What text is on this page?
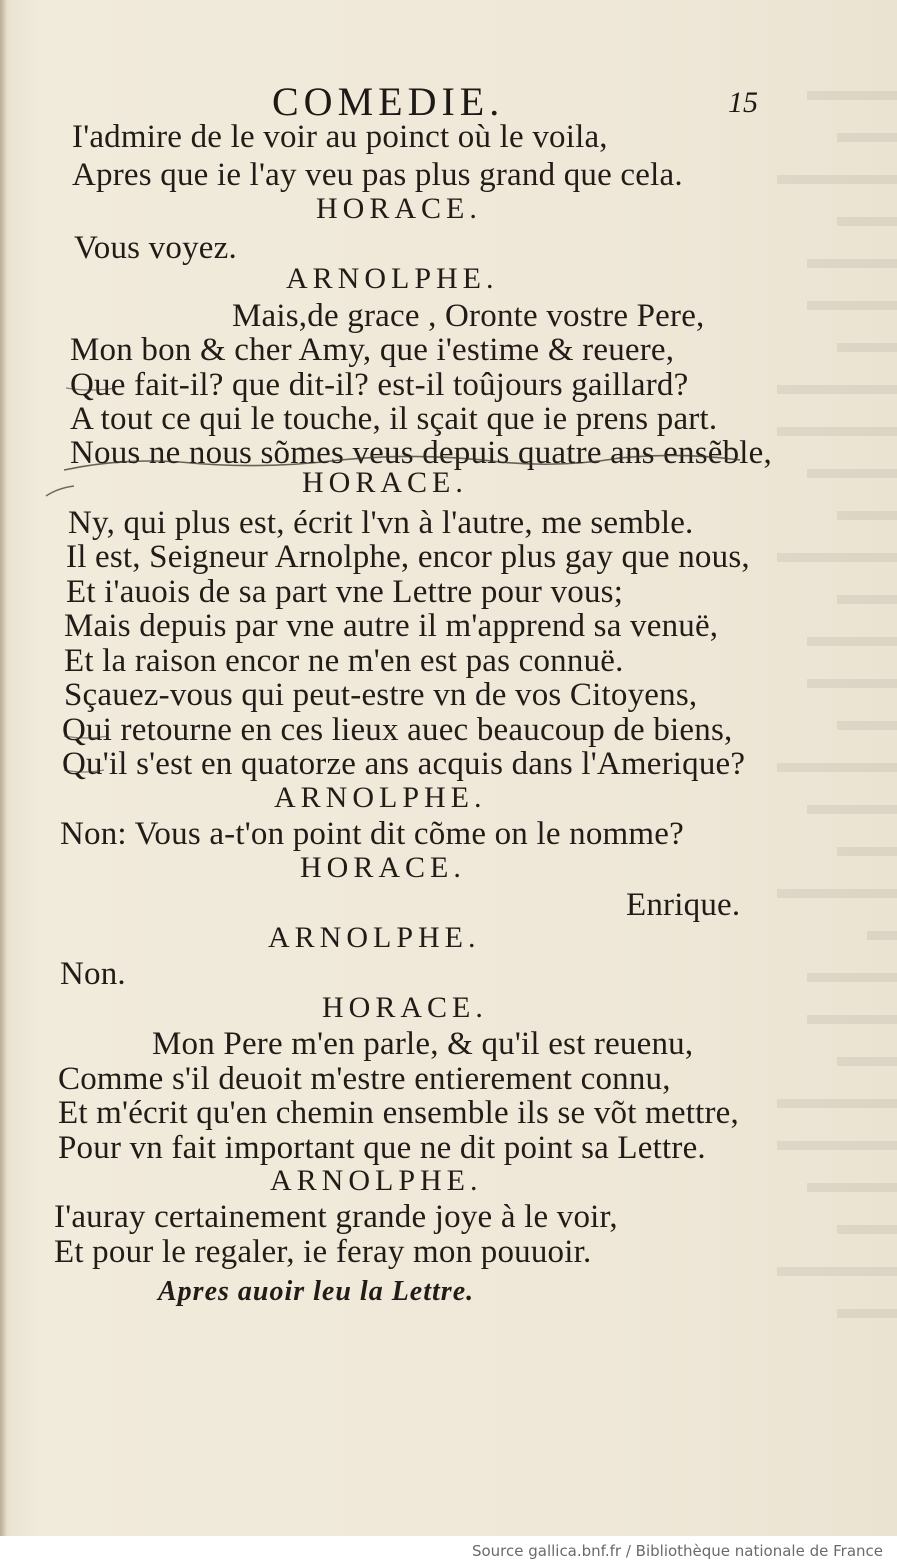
▬▬▬ ▬▬
▬▬▬▬ ▬▬
▬▬▬ ▬▬▬
▬▬ ▬▬▬▬
▬▬▬▬
▬▬▬ ▬▬
▬▬▬▬ ▬▬
▬▬▬ ▬▬▬
▬▬ ▬▬▬▬
▬▬▬ ▬▬
▬▬▬▬ ▬
▬▬▬ ▬▬▬
▬▬ ▬▬▬▬
▬▬▬▬
▬▬▬ ▬▬
▬▬▬▬ ▬▬

COMEDIE.	15
I'admire de le voir au poinct où le voila,
Apres que ie l'ay veu pas plus grand que cela.
HORACE.
Vous voyez.
ARNOLPHE.
Mais,de grace , Oronte vostre Pere,
Mon bon & cher Amy, que i'estime & reuere,
Que fait-il? que dit-il? est-il toûjours gaillard?
A tout ce qui le touche, il sçait que ie prens part.
Nous ne nous sõmes veus depuis quatre ans ensẽble,
HORACE.
Ny, qui plus est, écrit l'vn à l'autre, me semble.
Il est, Seigneur Arnolphe, encor plus gay que nous,
Et i'auois de sa part vne Lettre pour vous;
Mais depuis par vne autre il m'apprend sa venuë,
Et la raison encor ne m'en est pas connuë.
Sçauez-vous qui peut-estre vn de vos Citoyens,
Qui retourne en ces lieux auec beaucoup de biens,
Qu'il s'est en quatorze ans acquis dans l'Amerique?
ARNOLPHE.
Non: Vous a-t'on point dit cõme on le nomme?
HORACE.
Enrique.
ARNOLPHE.
Non.
HORACE.
Mon Pere m'en parle, & qu'il est reuenu,
Comme s'il deuoit m'estre entierement connu,
Et m'écrit qu'en chemin ensemble ils se võt mettre,
Pour vn fait important que ne dit point sa Lettre.
ARNOLPHE.
I'auray certainement grande joye à le voir,
Et pour le regaler, ie feray mon pouuoir.
Apres auoir leu la Lettre.
Source gallica.bnf.fr / Bibliothèque nationale de France
